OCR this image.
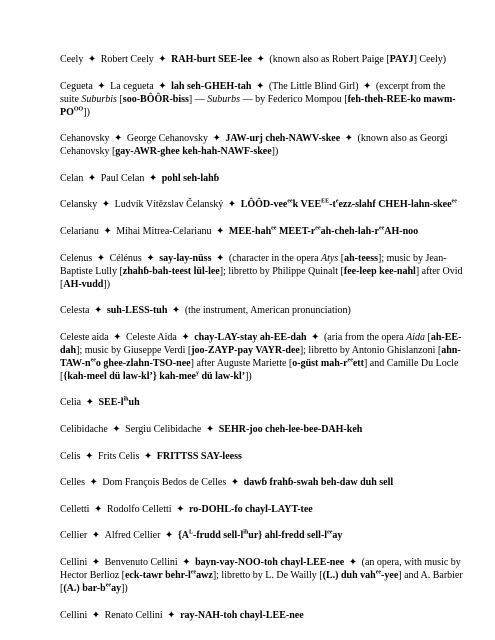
Ceely ✦ Robert Ceely ✦ RAH-burt SEE-lee ✦ (known also as Robert Paige [PAYJ] Ceely)

Cegueta ✦ La cegueta ✦ lah seh-GHEH-tah ✦ (The Little Blind Girl) ✦ (excerpt from the suite Suburbis [soo-BÔÔR-biss] — Suburbs — by Federico Mompou [feh-theh-REE-ko mawm-$PO^{OO}$])

Cehanovsky ✦ George Cehanovsky ✦ JAW-urj cheh-NAWV-skee ✦ (known also as Georgi Cehanovsky [gay-AWR-ghee keh-hah-NAWF-skee])

Celan ✦ Paul Celan ✦ pohl seh-lahɓ

Celansky ✦ Ludvík Vítězslav Čelanský ✦ LÔÔD-vee$^{ee}$k $VEE^{EE}-t^eezz$-slahf CHEH-lahn-skee$^{ee}$

Celarianu ✦ Mihai Mitrea-Celarianu ✦ MEE-hah$^{ee}$ MEET-$r^{ee}ah-cheh-lah-r^{ee}AH$-noo

Celenus ✦ Célénus ✦ say-lay-nüss ✦ (character in the opera Atys [ah-teess]; music by Jean-Baptiste Lully [zhahɓ-bah-teest lül-lee]; libretto by Philippe Quinalt [fee-leep kee-nahl] after Ovid [AH-vudd])

Celesta ✦ suh-LESS-tuh ✦ (the instrument, American pronunciation)

Celeste aida ✦ Celeste Aida ✦ chay-LAY-stay ah-EE-dah ✦ (aria from the opera Aida [ah-EE-dah]; music by Giuseppe Verdi [joo-ZAYP-pay VAYR-dee]; libretto by Antonio Ghislanzoni [$ahn-TAW-n^{ee}o$ ghee-zlahn-TSO-nee] after Auguste Mariette [o-güst mah-$r^{ee}ett$] and Camille Du Locle [{kah-meel dü law-kl’} kah-mee$^y$ dü law-kl’])

Celia ✦ SEE-$l^{ih}uh$

Celibidache ✦ Sergiu Celibidache ✦ SEHR-joo cheh-lee-bee-DAH-keh

Celis ✦ Frits Celis ✦ FRITTSS SAY-leess

Celles ✦ Dom François Bedos de Celles ✦ dawɓ frahɓ-swah beh-daw duh sell

Celletti ✦ Rodolfo Celletti ✦ ro-DOHL-fo chayl-LAYT-tee

Cellier ✦ Alfred Cellier ✦ {$A^L$-frudd sell-$l^{ih}ur$} ahl-fredd sell-$l^{ee}ay$

Cellini ✦ Benvenuto Cellini ✦ bayn-vay-NOO-toh chayl-LEE-nee ✦ (an opera, with music by Hector Berlioz [eck-tawr behr-$l^{ee}awz$]; libretto by L. De Wailly [(L.) duh vah$^{ee}$-yee] and A. Barbier [(A.) bar-$b^{ee}ay$])

Cellini ✦ Renato Cellini ✦ ray-NAH-toh chayl-LEE-nee
